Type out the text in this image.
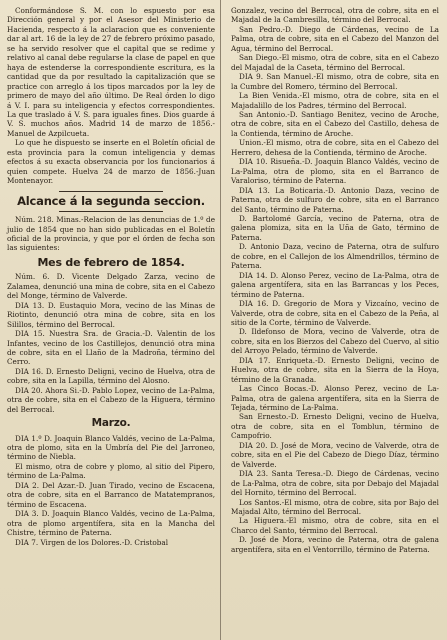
Conformándose S. M. con lo espuesto por esa Dirección general y por el Asesor del Ministerio de Hacienda, respecto á la aclaracion que es conveniente dar al art. 16 de la ley de 27 de febrero próximo pasado, se ha servido resolver que el capital que se redime y relativo al canal debe regularse la clase de papel en que haya de estenderse la correspondiente escritura, es la cantidad que da por resultado la capitalización que se practice con arreglo á los tipos marcados por la ley de primero de mayo del año último. De Real órden lo digo á V. I. para su inteligencia y efectos correspondientes. La que traslado á V. S. para iguales fines. Dios guarde á V. S. muchos años. Madrid 14 de marzo de 1856.-Manuel de Azpilcueta.

Lo que he dispuesto se inserte en el Boletín oficial de esta provincia para la comun inteligencia y demas efectos á su exacta observancia por los funcionarios á quien compete. Huelva 24 de marzo de 1856.-Juan Montenayor.

Alcance á la segunda seccion.

Núm. 218. Minas.-Relacion de las denuncias de 1.º de julio de 1854 que no han sido publicadas en el Boletín oficial de la provincia, y que por el órden de fecha son las siguientes:

Mes de febrero de 1854.

Núm. 6. D. Vicente Delgado Zarza, vecino de Zalamea, denunció una mina de cobre, sita en el Cabezo del Monge, término de Valverde.

DIA 13. D. Eustaquio Mora, vecino de las Minas de Riotinto, denunció otra mina de cobre, sita en los Silillos, término del Berrocal.

DIA 15. Nuestra Sra. de Gracia.-D. Valentin de los Infantes, vecino de los Castillejos, denunció otra mina de cobre, sita en el Llaño de la Madroña, término del Cerro.

DIA 16. D. Ernesto Deligni, vecino de Huelva, otra de cobre, sita en la Lapilla, término del Alosno.

DIA 20. Ahora Si.-D. Pablo Lopez, vecino de La-Palma, otra de cobre, sita en el Cabezo de la Higuera, término del Berrocal.

Marzo.

DIA 1.º D. Joaquin Blanco Valdés, vecino de La-Palma, otra de plomo, sita en la Umbría del Pie del Jarroneo, término de Niebla.

El mismo, otra de cobre y plomo, al sitio del Pipero, término de La-Palma.

DIA 2. Del Azar.-D. Juan Tirado, vecino de Escacena, otra de cobre, sita en el Barranco de Matatempranos, término de Escacena.

DIA 3. D. Joaquin Blanco Valdés, vecino de La-Palma, otra de plomo argentífera, sita en la Mancha del Chistre, término de Paterna.

DIA 7. Virgen de los Dolores.-D. Cristobal

Gonzalez, vecino del Berrocal, otra de cobre, sita en el Majadal de la Cambresilla, término del Berrocal.

San Pedro.-D. Diego de Cárdenas, vecino de La Palma, otra de cobre, sita en el Cabezo del Manzon del Agua, término del Berrocal.

San Diego.-El mismo, otra de cobre, sita en el Cabezo del Majadal de la Caseta, término del Berrocal.

DIA 9. San Manuel.-El mismo, otra de cobre, sita en la Cumbre del Romero, término del Berrocal.

La Bien Venida.-El mismo, otra de cobre, sita en el Majadalillo de los Padres, término del Berrocal.

San Antonio.-D. Santiago Benitez, vecino de Aroche, otra de cobre, sita en el Cabezo del Castillo, dehesa de la Contienda, término de Aroche.

Union.-El mismo, otra de cobre, sita en el Cabezo del Herrero, dehesa de la Contienda, término de Aroche.

DIA 10. Risueña.-D. Joaquin Blanco Valdés, vecino de La-Palma, otra de plomo, sita en el Barranco de Varaloriso, término de Paterna.

DIA 13. La Boticaria.-D. Antonio Daza, vecino de Paterna, otra de sulfuro de cobre, sita en el Barranco del Santo, término de Paterna.

D. Bartolomé García, vecino de Paterna, otra de galena plomiza, sita en la Uña de Gato, término de Paterna.

D. Antonio Daza, vecino de Paterna, otra de sulfuro de cobre, en el Callejon de los Almendrillos, término de Paterna.

DIA 14. D. Alonso Perez, vecino de La-Palma, otra de galena argentífera, sita en las Barrancas y los Peces, término de Paterna.

DIA 16. D. Gregorio de Mora y Vizcaíno, vecino de Valverde, otra de cobre, sita en el Cabezo de la Peña, al sitio de la Corte, término de Valverde.

D. Ildefonso de Mora, vecino de Valverde, otra de cobre, sita en los Bierzos del Cabezo del Cuervo, al sitio del Arroyo Pelado, término de Valverde.

DIA 17. Enriqueta.-D. Ernesto Deligni, vecino de Huelva, otra de cobre, sita en la Sierra de la Hoya, término de la Granada.

Las Cinco Bocas.-D. Alonso Perez, vecino de La-Palma, otra de galena argentífera, sita en la Sierra de Tejada, término de La-Palma.

San Ernesto.-D. Ernesto Deligni, vecino de Huelva, otra de cobre, sita en el Tomblun, término de Campofrio.

DIA 20. D. José de Mora, vecino de Valverde, otra de cobre, sita en el Pie del Cabezo de Diego Díaz, término de Valverde.

DIA 23. Santa Teresa.-D. Diego de Cárdenas, vecino de La-Palma, otra de cobre, sita por Debajo del Majadal del Hornito, término del Berrocal.

Los Santos.-El mismo, otra de cobre, sita por Bajo del Majadal Alto, término del Berrocal.

La Higuera.-El mismo, otra de cobre, sita en el Charco del Santo, término del Berrocal.

D. José de Mora, vecino de Paterna, otra de galena argentífera, sita en el Ventorrillo, término de Paterna.
